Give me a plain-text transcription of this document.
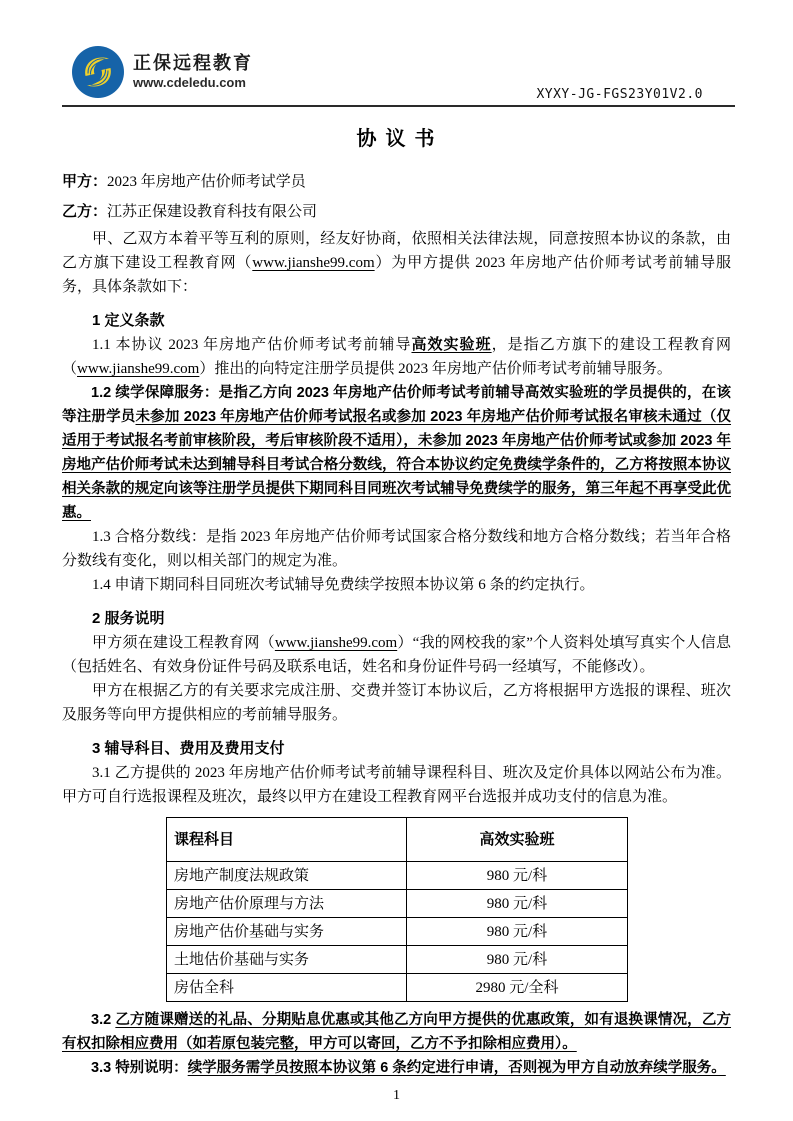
正保远程教育
www.cdeledu.com
XYXY-JG-FGS23Y01V2.0
协 议 书
甲方：2023 年房地产估价师考试学员
乙方：江苏正保建设教育科技有限公司

甲、乙双方本着平等互利的原则，经友好协商，依照相关法律法规，同意按照本协议的条款，由乙方旗下建设工程教育网（www.jianshe99.com）为甲方提供 2023 年房地产估价师考试考前辅导服务，具体条款如下：

1 定义条款

1.1 本协议 2023 年房地产估价师考试考前辅导高效实验班，是指乙方旗下的建设工程教育网（www.jianshe99.com）推出的向特定注册学员提供 2023 年房地产估价师考试考前辅导服务。

1.2 续学保障服务：是指乙方向 2023 年房地产估价师考试考前辅导高效实验班的学员提供的，在该等注册学员未参加 2023 年房地产估价师考试报名或参加 2023 年房地产估价师考试报名审核未通过（仅适用于考试报名考前审核阶段，考后审核阶段不适用），未参加 2023 年房地产估价师考试或参加 2023 年房地产估价师考试未达到辅导科目考试合格分数线，符合本协议约定免费续学条件的，乙方将按照本协议相关条款的规定向该等注册学员提供下期同科目同班次考试辅导免费续学的服务，第三年起不再享受此优惠。

1.3 合格分数线：是指 2023 年房地产估价师考试国家合格分数线和地方合格分数线；若当年合格分数线有变化，则以相关部门的规定为准。

1.4 申请下期同科目同班次考试辅导免费续学按照本协议第 6 条的约定执行。

2 服务说明

甲方须在建设工程教育网（www.jianshe99.com）“我的网校我的家”个人资料处填写真实个人信息（包括姓名、有效身份证件号码及联系电话，姓名和身份证件号码一经填写，不能修改）。

甲方在根据乙方的有关要求完成注册、交费并签订本协议后，乙方将根据甲方选报的课程、班次及服务等向甲方提供相应的考前辅导服务。

3 辅导科目、费用及费用支付

3.1 乙方提供的 2023 年房地产估价师考试考前辅导课程科目、班次及定价具体以网站公布为准。甲方可自行选报课程及班次，最终以甲方在建设工程教育网平台选报并成功支付的信息为准。

课程科目	高效实验班
房地产制度法规政策	980 元/科
房地产估价原理与方法	980 元/科
房地产估价基础与实务	980 元/科
土地估价基础与实务	980 元/科
房估全科	2980 元/全科

3.2 乙方随课赠送的礼品、分期贴息优惠或其他乙方向甲方提供的优惠政策，如有退换课情况，乙方有权扣除相应费用（如若原包装完整，甲方可以寄回，乙方不予扣除相应费用）。

3.3 特别说明：续学服务需学员按照本协议第 6 条约定进行申请，否则视为甲方自动放弃续学服务。

1
